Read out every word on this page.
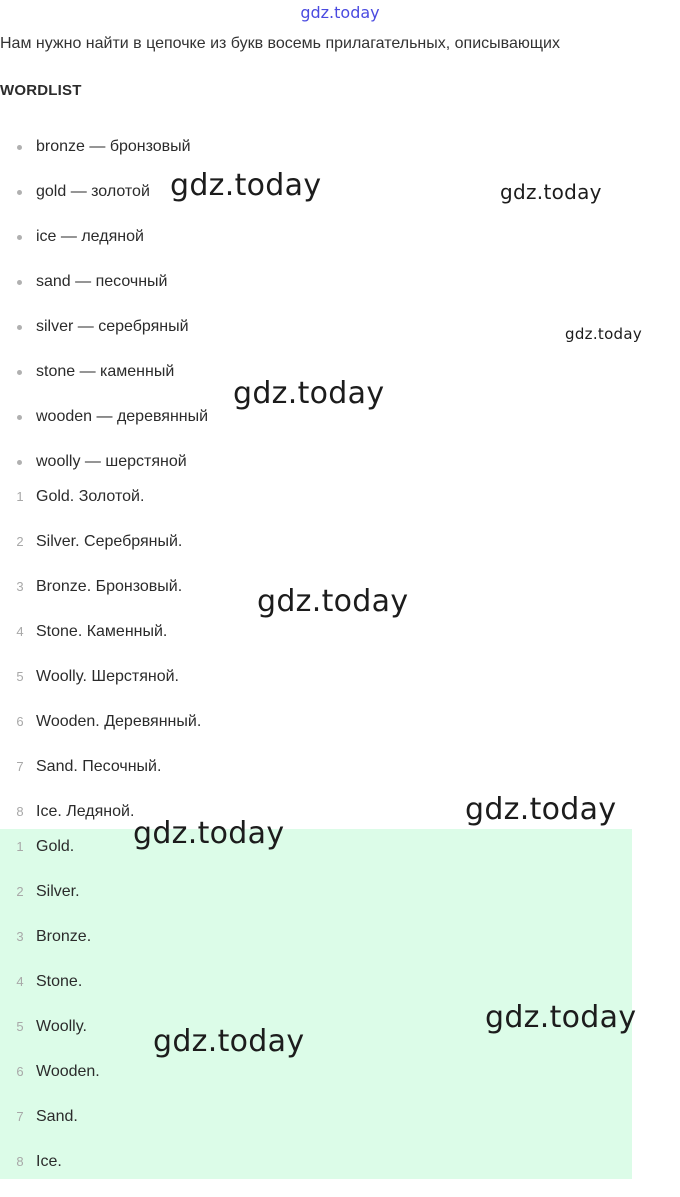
gdz.today
Нам нужно найти в цепочке из букв восемь прилагательных, описывающих
WORDLIST
bronze — бронзовый
gold — золотой
ice — ледяной
sand — песочный
silver — серебряный
stone — каменный
wooden — деревянный
woolly — шерстяной
1 Gold. Золотой.
2 Silver. Серебряный.
3 Bronze. Бронзовый.
4 Stone. Каменный.
5 Woolly. Шерстяной.
6 Wooden. Деревянный.
7 Sand. Песочный.
8 Ice. Ледяной.
1 Gold.
2 Silver.
3 Bronze.
4 Stone.
5 Woolly.
6 Wooden.
7 Sand.
8 Ice.
gdz.today	gdz.today
gdz.today
gdz.today
gdz.today
gdz.today
gdz.today
gdz.today
gdz.today
